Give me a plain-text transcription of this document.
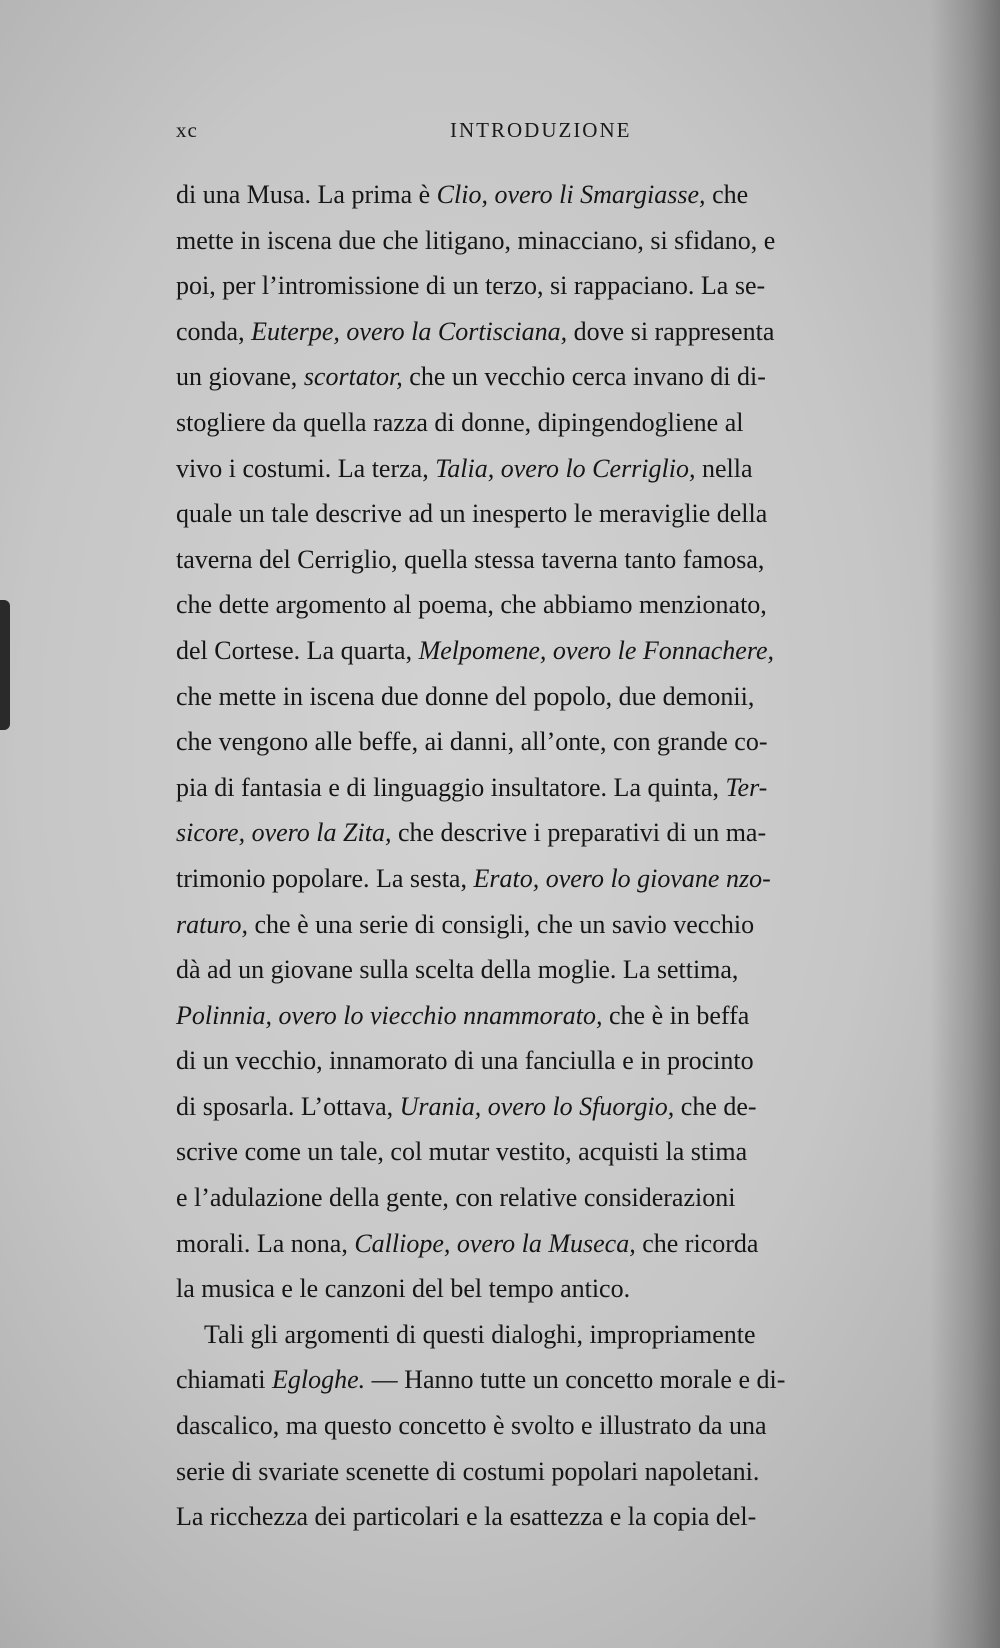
xc	INTRODUZIONE
di una Musa. La prima è Clio, overo li Smargiasse, che
mette in iscena due che litigano, minacciano, si sfidano, e
poi, per l’intromissione di un terzo, si rappaciano. La se-
conda, Euterpe, overo la Cortisciana, dove si rappresenta
un giovane, scortator, che un vecchio cerca invano di di-
stogliere da quella razza di donne, dipingendogliene al
vivo i costumi. La terza, Talia, overo lo Cerriglio, nella
quale un tale descrive ad un inesperto le meraviglie della
taverna del Cerriglio, quella stessa taverna tanto famosa,
che dette argomento al poema, che abbiamo menzionato,
del Cortese. La quarta, Melpomene, overo le Fonnachere,
che mette in iscena due donne del popolo, due demonii,
che vengono alle beffe, ai danni, all’onte, con grande co-
pia di fantasia e di linguaggio insultatore. La quinta, Ter-
sicore, overo la Zita, che descrive i preparativi di un ma-
trimonio popolare. La sesta, Erato, overo lo giovane nzo-
raturo, che è una serie di consigli, che un savio vecchio
dà ad un giovane sulla scelta della moglie. La settima,
Polinnia, overo lo viecchio nnammorato, che è in beffa
di un vecchio, innamorato di una fanciulla e in procinto
di sposarla. L’ottava, Urania, overo lo Sfuorgio, che de-
scrive come un tale, col mutar vestito, acquisti la stima
e l’adulazione della gente, con relative considerazioni
morali. La nona, Calliope, overo la Museca, che ricorda
la musica e le canzoni del bel tempo antico.
Tali gli argomenti di questi dialoghi, impropriamente
chiamati Egloghe. — Hanno tutte un concetto morale e di-
dascalico, ma questo concetto è svolto e illustrato da una
serie di svariate scenette di costumi popolari napoletani.
La ricchezza dei particolari e la esattezza e la copia del-
